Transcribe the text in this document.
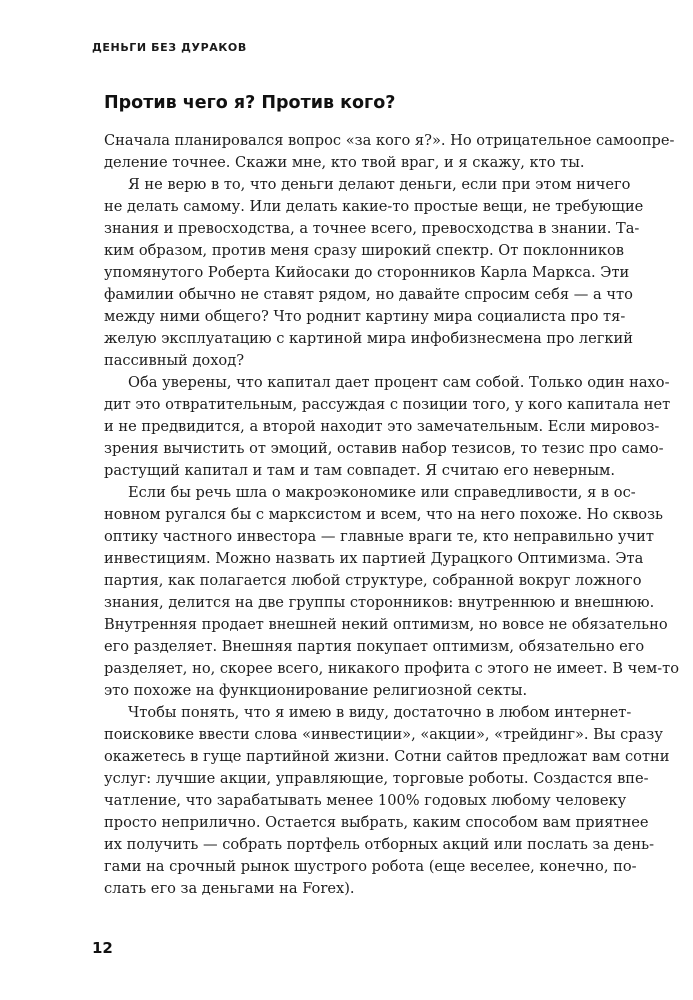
ДЕНЬГИ БЕЗ ДУРАКОВ
Против чего я? Против кого?
Сначала планировался вопрос «за кого я?». Но отрицательное самоопре-
деление точнее. Скажи мне, кто твой враг, и я скажу, кто ты.
Я не верю в то, что деньги делают деньги, если при этом ничего
не делать самому. Или делать какие-то простые вещи, не требующие
знания и превосходства, а точнее всего, превосходства в знании. Та-
ким образом, против меня сразу широкий спектр. От поклонников
упомянутого Роберта Кийосаки до сторонников Карла Маркса. Эти
фамилии обычно не ставят рядом, но давайте спросим себя — а что
между ними общего? Что роднит картину мира социалиста про тя-
желую эксплуатацию с картиной мира инфобизнесмена про легкий
пассивный доход?
Оба уверены, что капитал дает процент сам собой. Только один нахо-
дит это отвратительным, рассуждая с позиции того, у кого капитала нет
и не предвидится, а второй находит это замечательным. Если мировоз-
зрения вычистить от эмоций, оставив набор тезисов, то тезис про само-
растущий капитал и там и там совпадет. Я считаю его неверным.
Если бы речь шла о макроэкономике или справедливости, я в ос-
новном ругался бы с марксистом и всем, что на него похоже. Но сквозь
оптику частного инвестора — главные враги те, кто неправильно учит
инвестициям. Можно назвать их партией Дурацкого Оптимизма. Эта
партия, как полагается любой структуре, собранной вокруг ложного
знания, делится на две группы сторонников: внутреннюю и внешнюю.
Внутренняя продает внешней некий оптимизм, но вовсе не обязательно
его разделяет. Внешняя партия покупает оптимизм, обязательно его
разделяет, но, скорее всего, никакого профита с этого не имеет. В чем-то
это похоже на функционирование религиозной секты.
Чтобы понять, что я имею в виду, достаточно в любом интернет-
поисковике ввести слова «инвестиции», «акции», «трейдинг». Вы сразу
окажетесь в гуще партийной жизни. Сотни сайтов предложат вам сотни
услуг: лучшие акции, управляющие, торговые роботы. Создастся впе-
чатление, что зарабатывать менее 100% годовых любому человеку
просто неприлично. Остается выбрать, каким способом вам приятнее
их получить — собрать портфель отборных акций или послать за день-
гами на срочный рынок шустрого робота (еще веселее, конечно, по-
слать его за деньгами на Forex).
12
